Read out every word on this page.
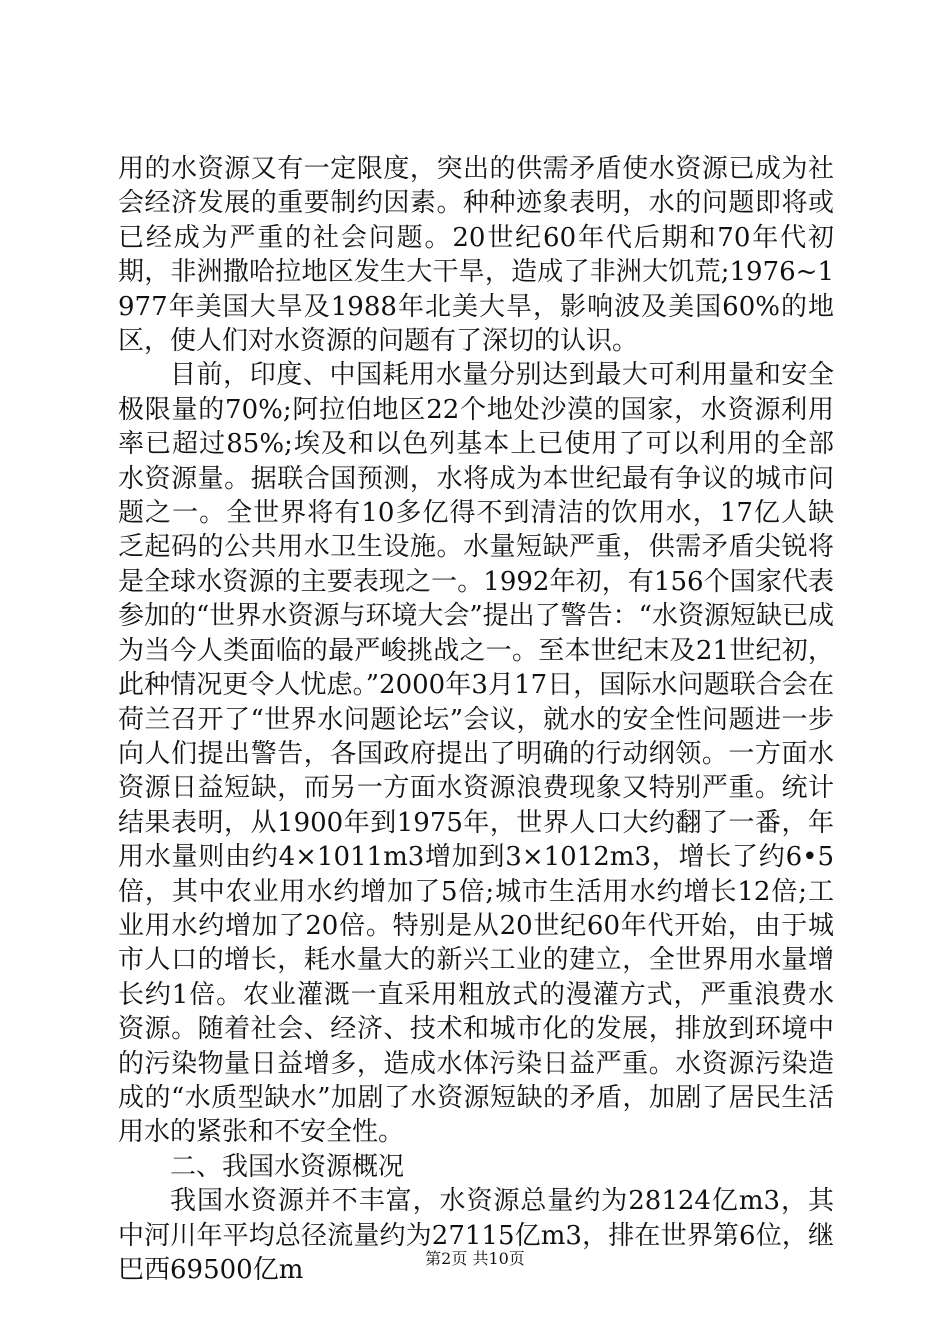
用的水资源又有一定限度，突出的供需矛盾使水资源已成为社会经济发展的重要制约因素。种种迹象表明，水的问题即将或已经成为严重的社会问题。20世纪60年代后期和70年代初期，非洲撒哈拉地区发生大干旱，造成了非洲大饥荒;1976~1977年美国大旱及1988年北美大旱，影响波及美国60%的地区，使人们对水资源的问题有了深切的认识。

目前，印度、中国耗用水量分别达到最大可利用量和安全极限量的70%;阿拉伯地区22个地处沙漠的国家，水资源利用率已超过85%;埃及和以色列基本上已使用了可以利用的全部水资源量。据联合国预测，水将成为本世纪最有争议的城市问题之一。全世界将有10多亿得不到清洁的饮用水，17亿人缺乏起码的公共用水卫生设施。水量短缺严重，供需矛盾尖锐将是全球水资源的主要表现之一。1992年初，有156个国家代表参加的“世界水资源与环境大会”提出了警告：“水资源短缺已成为当今人类面临的最严峻挑战之一。至本世纪末及21世纪初，此种情况更令人忧虑。”2000年3月17日，国际水问题联合会在荷兰召开了“世界水问题论坛”会议，就水的安全性问题进一步向人们提出警告，各国政府提出了明确的行动纲领。一方面水资源日益短缺，而另一方面水资源浪费现象又特别严重。统计结果表明，从1900年到1975年，世界人口大约翻了一番，年用水量则由约4×1011m3增加到3×1012m3，增长了约6•5倍，其中农业用水约增加了5倍;城市生活用水约增长12倍;工业用水约增加了20倍。特别是从20世纪60年代开始，由于城市人口的增长，耗水量大的新兴工业的建立，全世界用水量增长约1倍。农业灌溉一直采用粗放式的漫灌方式，严重浪费水资源。随着社会、经济、技术和城市化的发展，排放到环境中的污染物量日益增多，造成水体污染日益严重。水资源污染造成的“水质型缺水”加剧了水资源短缺的矛盾，加剧了居民生活用水的紧张和不安全性。

二、我国水资源概况

我国水资源并不丰富，水资源总量约为28124亿m3，其中河川年平均总径流量约为27115亿m3，排在世界第6位，继巴西69500亿m	第2页 共10页
